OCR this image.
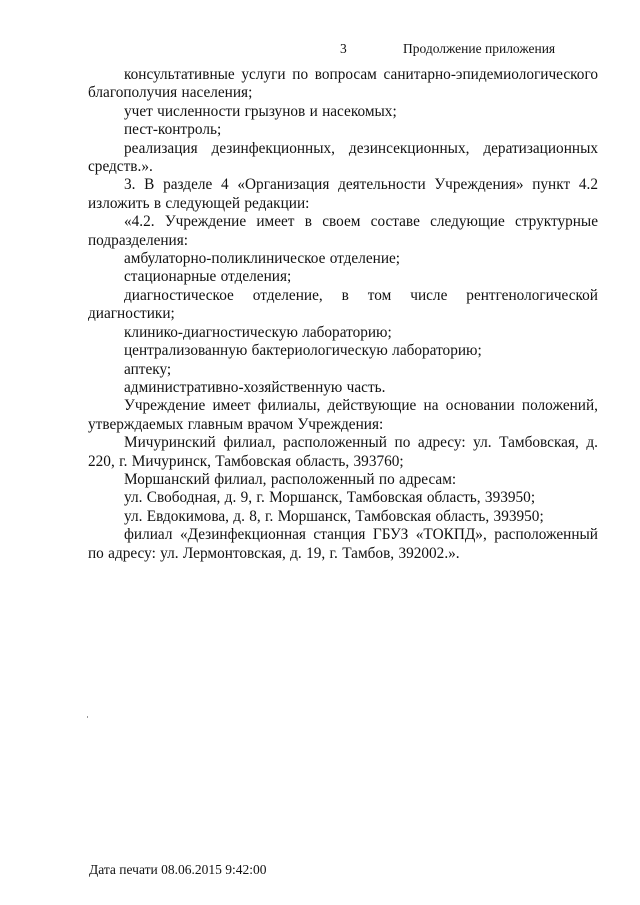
3	Продолжение приложения

консультативные услуги по вопросам санитарно-эпидемиологического благополучия населения;

учет численности грызунов и насекомых;

пест-контроль;

реализация дезинфекционных, дезинсекционных, дератизационных средств.».

3. В разделе 4 «Организация деятельности Учреждения» пункт 4.2 изложить в следующей редакции:

«4.2. Учреждение имеет в своем составе следующие структурные подразделения:

амбулаторно-поликлиническое отделение;

стационарные отделения;

диагностическое отделение, в том числе рентгенологической диагностики;

клинико-диагностическую лабораторию;

централизованную бактериологическую лабораторию;

аптеку;

административно-хозяйственную часть.

Учреждение имеет филиалы, действующие на основании положений, утверждаемых главным врачом Учреждения:

Мичуринский филиал, расположенный по адресу: ул. Тамбовская, д. 220, г. Мичуринск, Тамбовская область, 393760;

Моршанский филиал, расположенный по адресам:

ул. Свободная, д. 9, г. Моршанск, Тамбовская область, 393950;

ул. Евдокимова, д. 8, г. Моршанск, Тамбовская область, 393950;

филиал «Дезинфекционная станция ГБУЗ «ТОКПД», расположенный по адресу: ул. Лермонтовская, д. 19, г. Тамбов, 392002.».

Дата печати 08.06.2015 9:42:00
